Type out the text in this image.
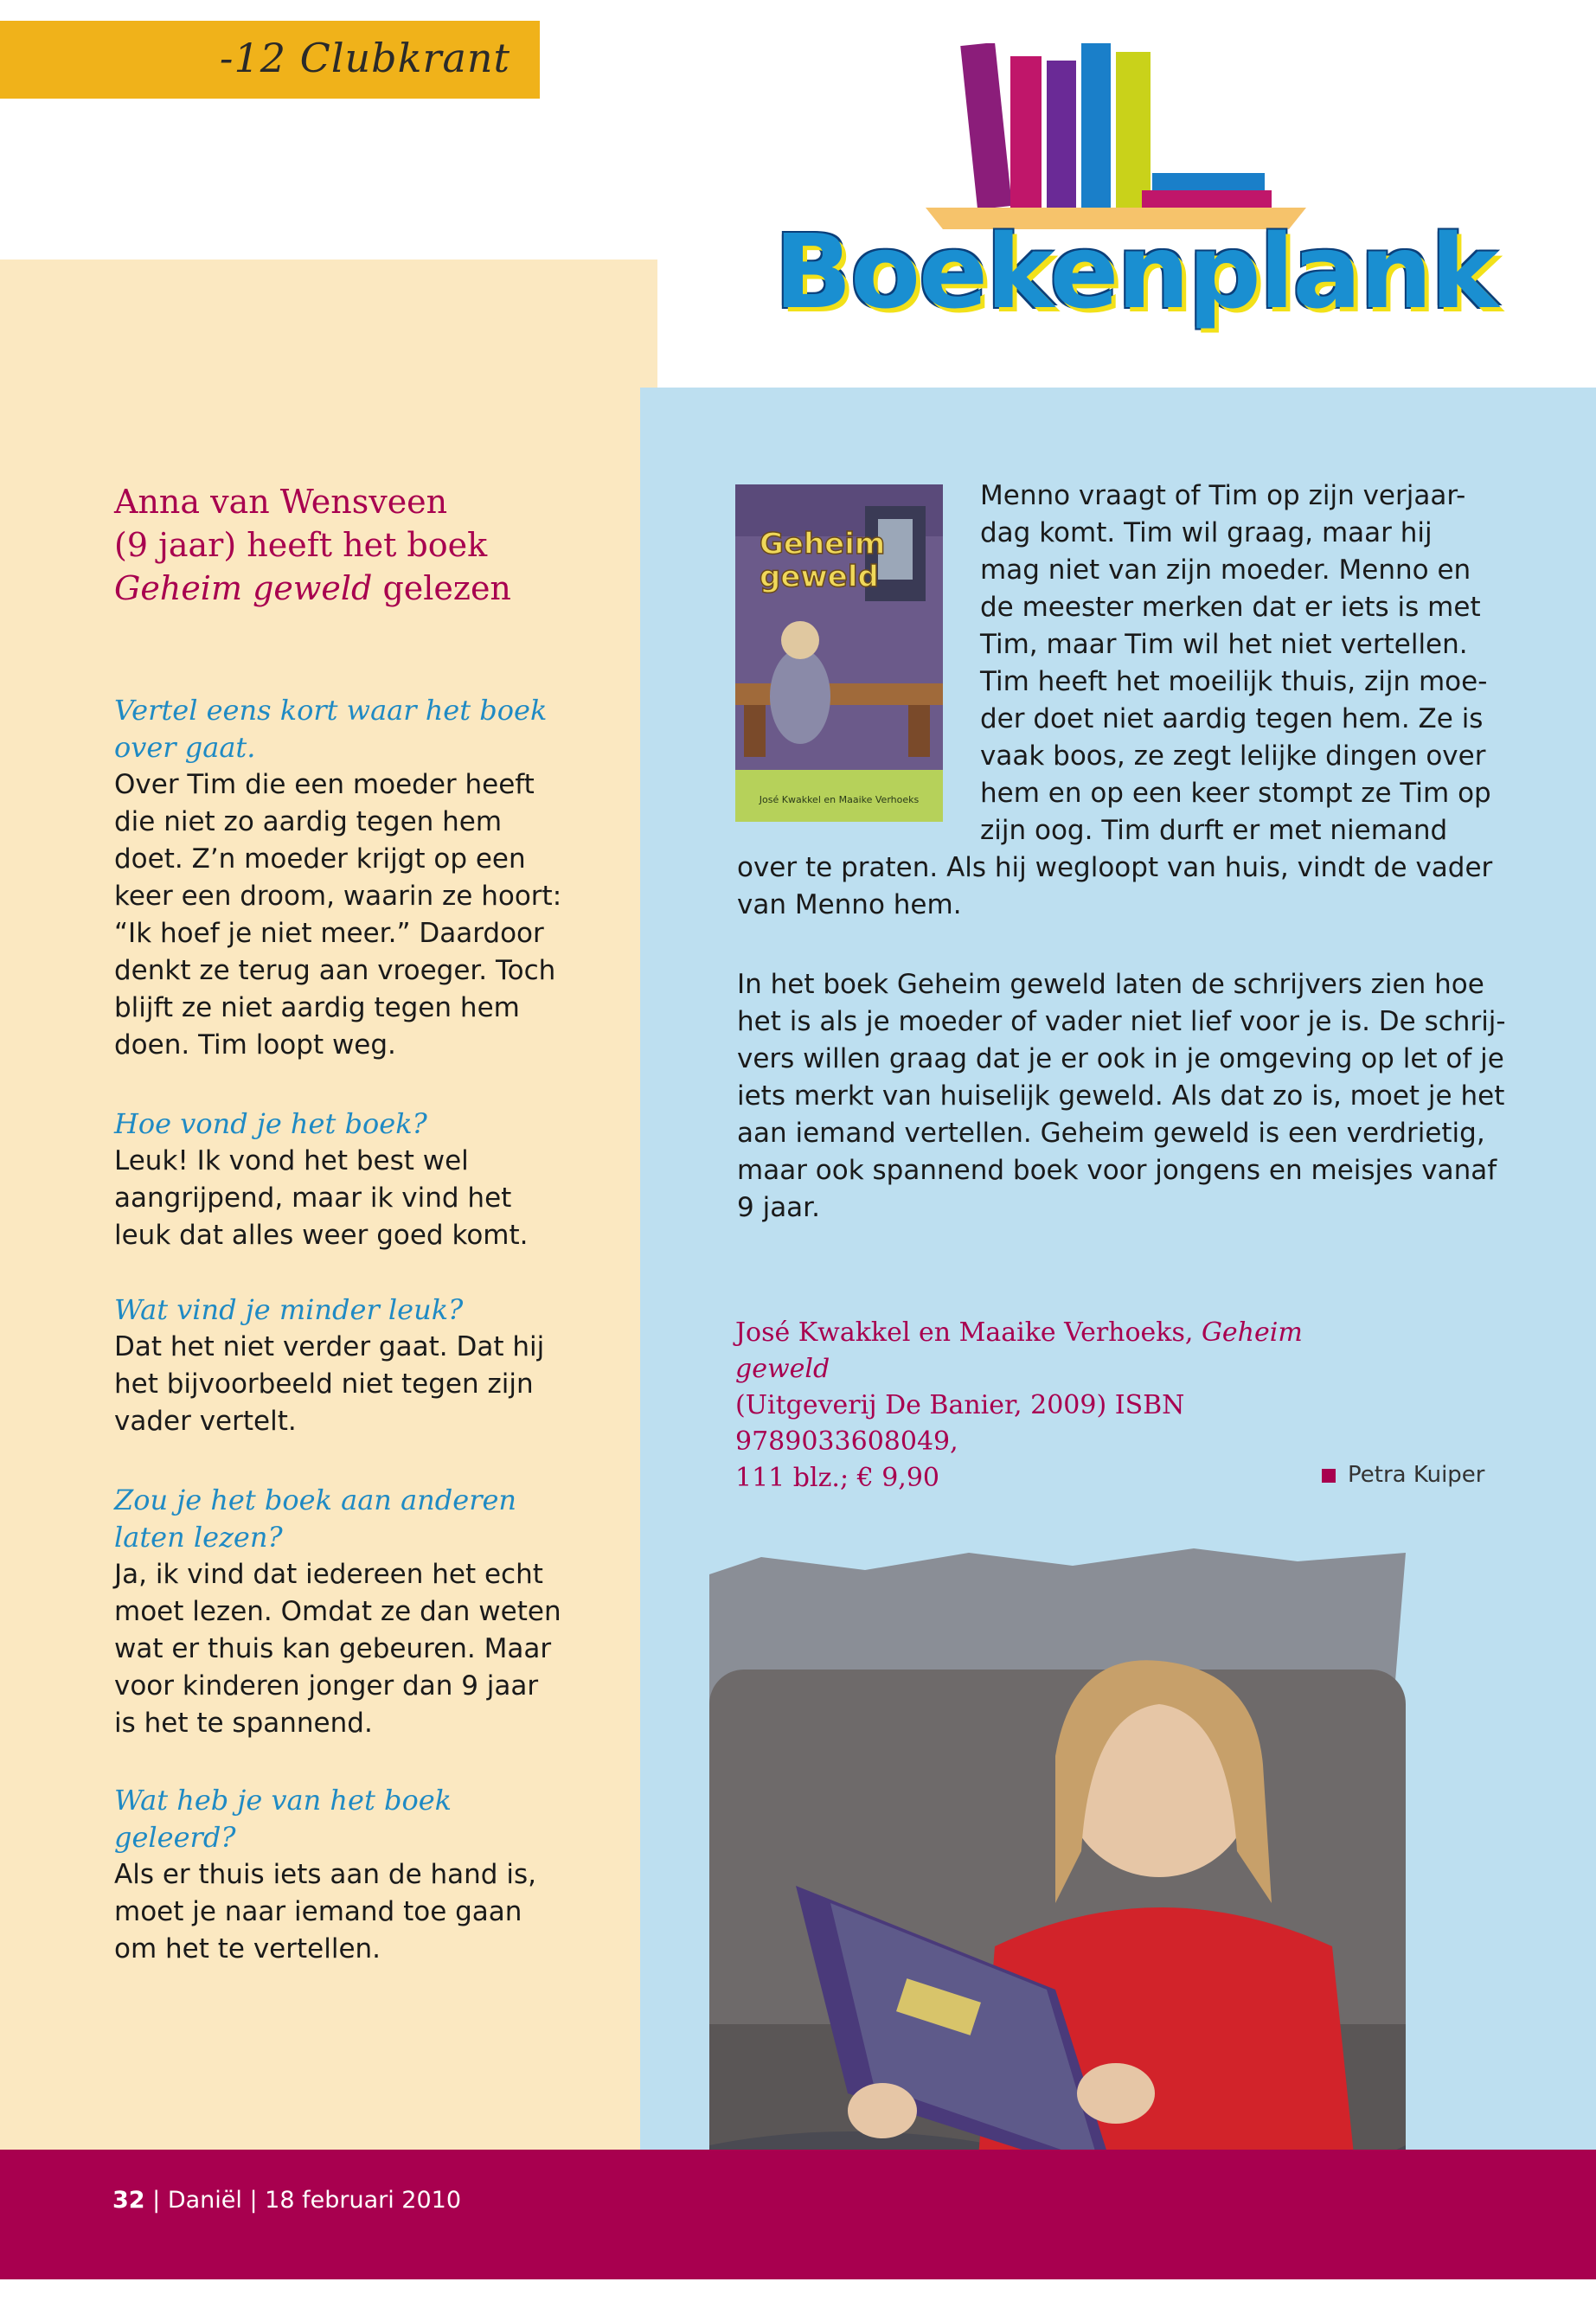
-12 Clubkrant
Boekenplank
Anna van Wensveen
(9 jaar) heeft het boek
Geheim geweld gelezen
Vertel eens kort waar het boek over gaat.
Over Tim die een moeder heeft die niet zo aardig tegen hem doet. Z’n moeder krijgt op een keer een droom, waarin ze hoort: “Ik hoef je niet meer.” Daardoor denkt ze terug aan vroeger. Toch blijft ze niet aardig tegen hem doen. Tim loopt weg.
Hoe vond je het boek?
Leuk! Ik vond het best wel aangrijpend, maar ik vind het leuk dat alles weer goed komt.
Wat vind je minder leuk?
Dat het niet verder gaat. Dat hij het bijvoorbeeld niet tegen zijn vader vertelt.
Zou je het boek aan anderen laten lezen?
Ja, ik vind dat iedereen het echt moet lezen. Omdat ze dan weten wat er thuis kan gebeuren. Maar voor kinderen jonger dan 9 jaar is het te spannend.
Wat heb je van het boek geleerd?
Als er thuis iets aan de hand is, moet je naar iemand toe gaan om het te vertellen.
Geheim
geweld
José Kwakkel en Maaike Verhoeks
Menno vraagt of Tim op zijn verjaar-
dag komt. Tim wil graag, maar hij
mag niet van zijn moeder. Menno en
de meester merken dat er iets is met
Tim, maar Tim wil het niet vertellen.
Tim heeft het moeilijk thuis, zijn moe-
der doet niet aardig tegen hem. Ze is
vaak boos, ze zegt lelijke dingen over
hem en op een keer stompt ze Tim op
zijn oog. Tim durft er met niemand
over te praten. Als hij wegloopt van huis, vindt de vader
van Menno hem.
In het boek Geheim geweld laten de schrijvers zien hoe
het is als je moeder of vader niet lief voor je is. De schrij-
vers willen graag dat je er ook in je omgeving op let of je
iets merkt van huiselijk geweld. Als dat zo is, moet je het
aan iemand vertellen. Geheim geweld is een verdrietig,
maar ook spannend boek voor jongens en meisjes vanaf
9 jaar.
José Kwakkel en Maaike Verhoeks, Geheim geweld
(Uitgeverij De Banier, 2009) ISBN 9789033608049,
111 blz.; € 9,90	Petra Kuiper
32 | Daniël | 18 februari 2010
